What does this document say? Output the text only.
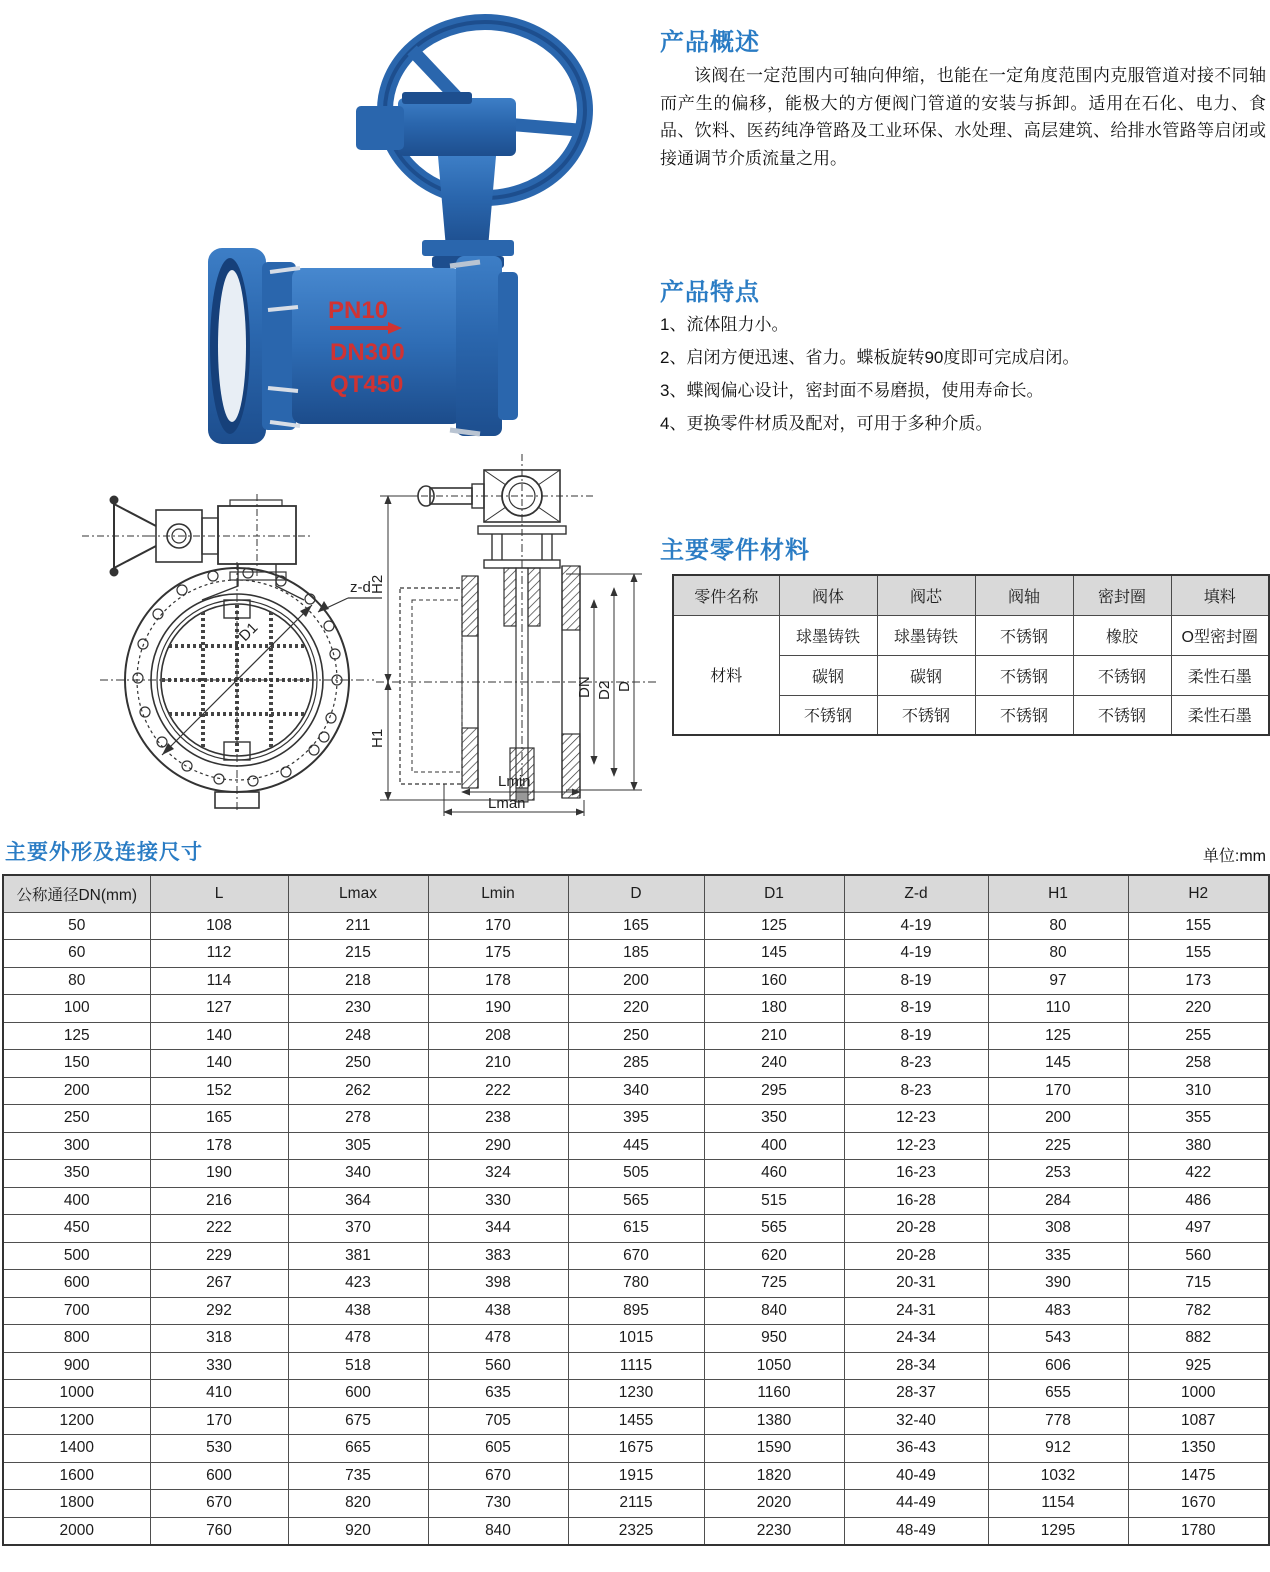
PN10
DN300
QT450
产品概述
该阀在一定范围内可轴向伸缩，也能在一定角度范围内克服管道对接不同轴而产生的偏移，能极大的方便阀门管道的安装与拆卸。适用在石化、电力、食品、饮料、医药纯净管路及工业环保、水处理、高层建筑、给排水管路等启闭或接通调节介质流量之用。
产品特点
1、流体阻力小。
2、启闭方便迅速、省力。蝶板旋转90度即可完成启闭。
3、蝶阀偏心设计，密封面不易磨损，使用寿命长。
4、更换零件材质及配对，可用于多种介质。
主要零件材料
零件名称	阀体	阀芯	阀轴	密封圈	填料
材料	球墨铸铁	球墨铸铁	不锈钢	橡胶	O型密封圈
	碳钢	碳钢	不锈钢	不锈钢	柔性石墨
	不锈钢	不锈钢	不锈钢	不锈钢	柔性石墨
D1
z-d
H2
H1
DN D2 D
Lmin
Lman
主要外形及连接尺寸	单位:mm
公称通径DN(mm)	L	Lmax	Lmin	D	D1	Z-d	H1	H2
50	108	211	170	165	125	4-19	80	155
60	112	215	175	185	145	4-19	80	155
80	114	218	178	200	160	8-19	97	173
100	127	230	190	220	180	8-19	110	220
125	140	248	208	250	210	8-19	125	255
150	140	250	210	285	240	8-23	145	258
200	152	262	222	340	295	8-23	170	310
250	165	278	238	395	350	12-23	200	355
300	178	305	290	445	400	12-23	225	380
350	190	340	324	505	460	16-23	253	422
400	216	364	330	565	515	16-28	284	486
450	222	370	344	615	565	20-28	308	497
500	229	381	383	670	620	20-28	335	560
600	267	423	398	780	725	20-31	390	715
700	292	438	438	895	840	24-31	483	782
800	318	478	478	1015	950	24-34	543	882
900	330	518	560	1115	1050	28-34	606	925
1000	410	600	635	1230	1160	28-37	655	1000
1200	170	675	705	1455	1380	32-40	778	1087
1400	530	665	605	1675	1590	36-43	912	1350
1600	600	735	670	1915	1820	40-49	1032	1475
1800	670	820	730	2115	2020	44-49	1154	1670
2000	760	920	840	2325	2230	48-49	1295	1780
